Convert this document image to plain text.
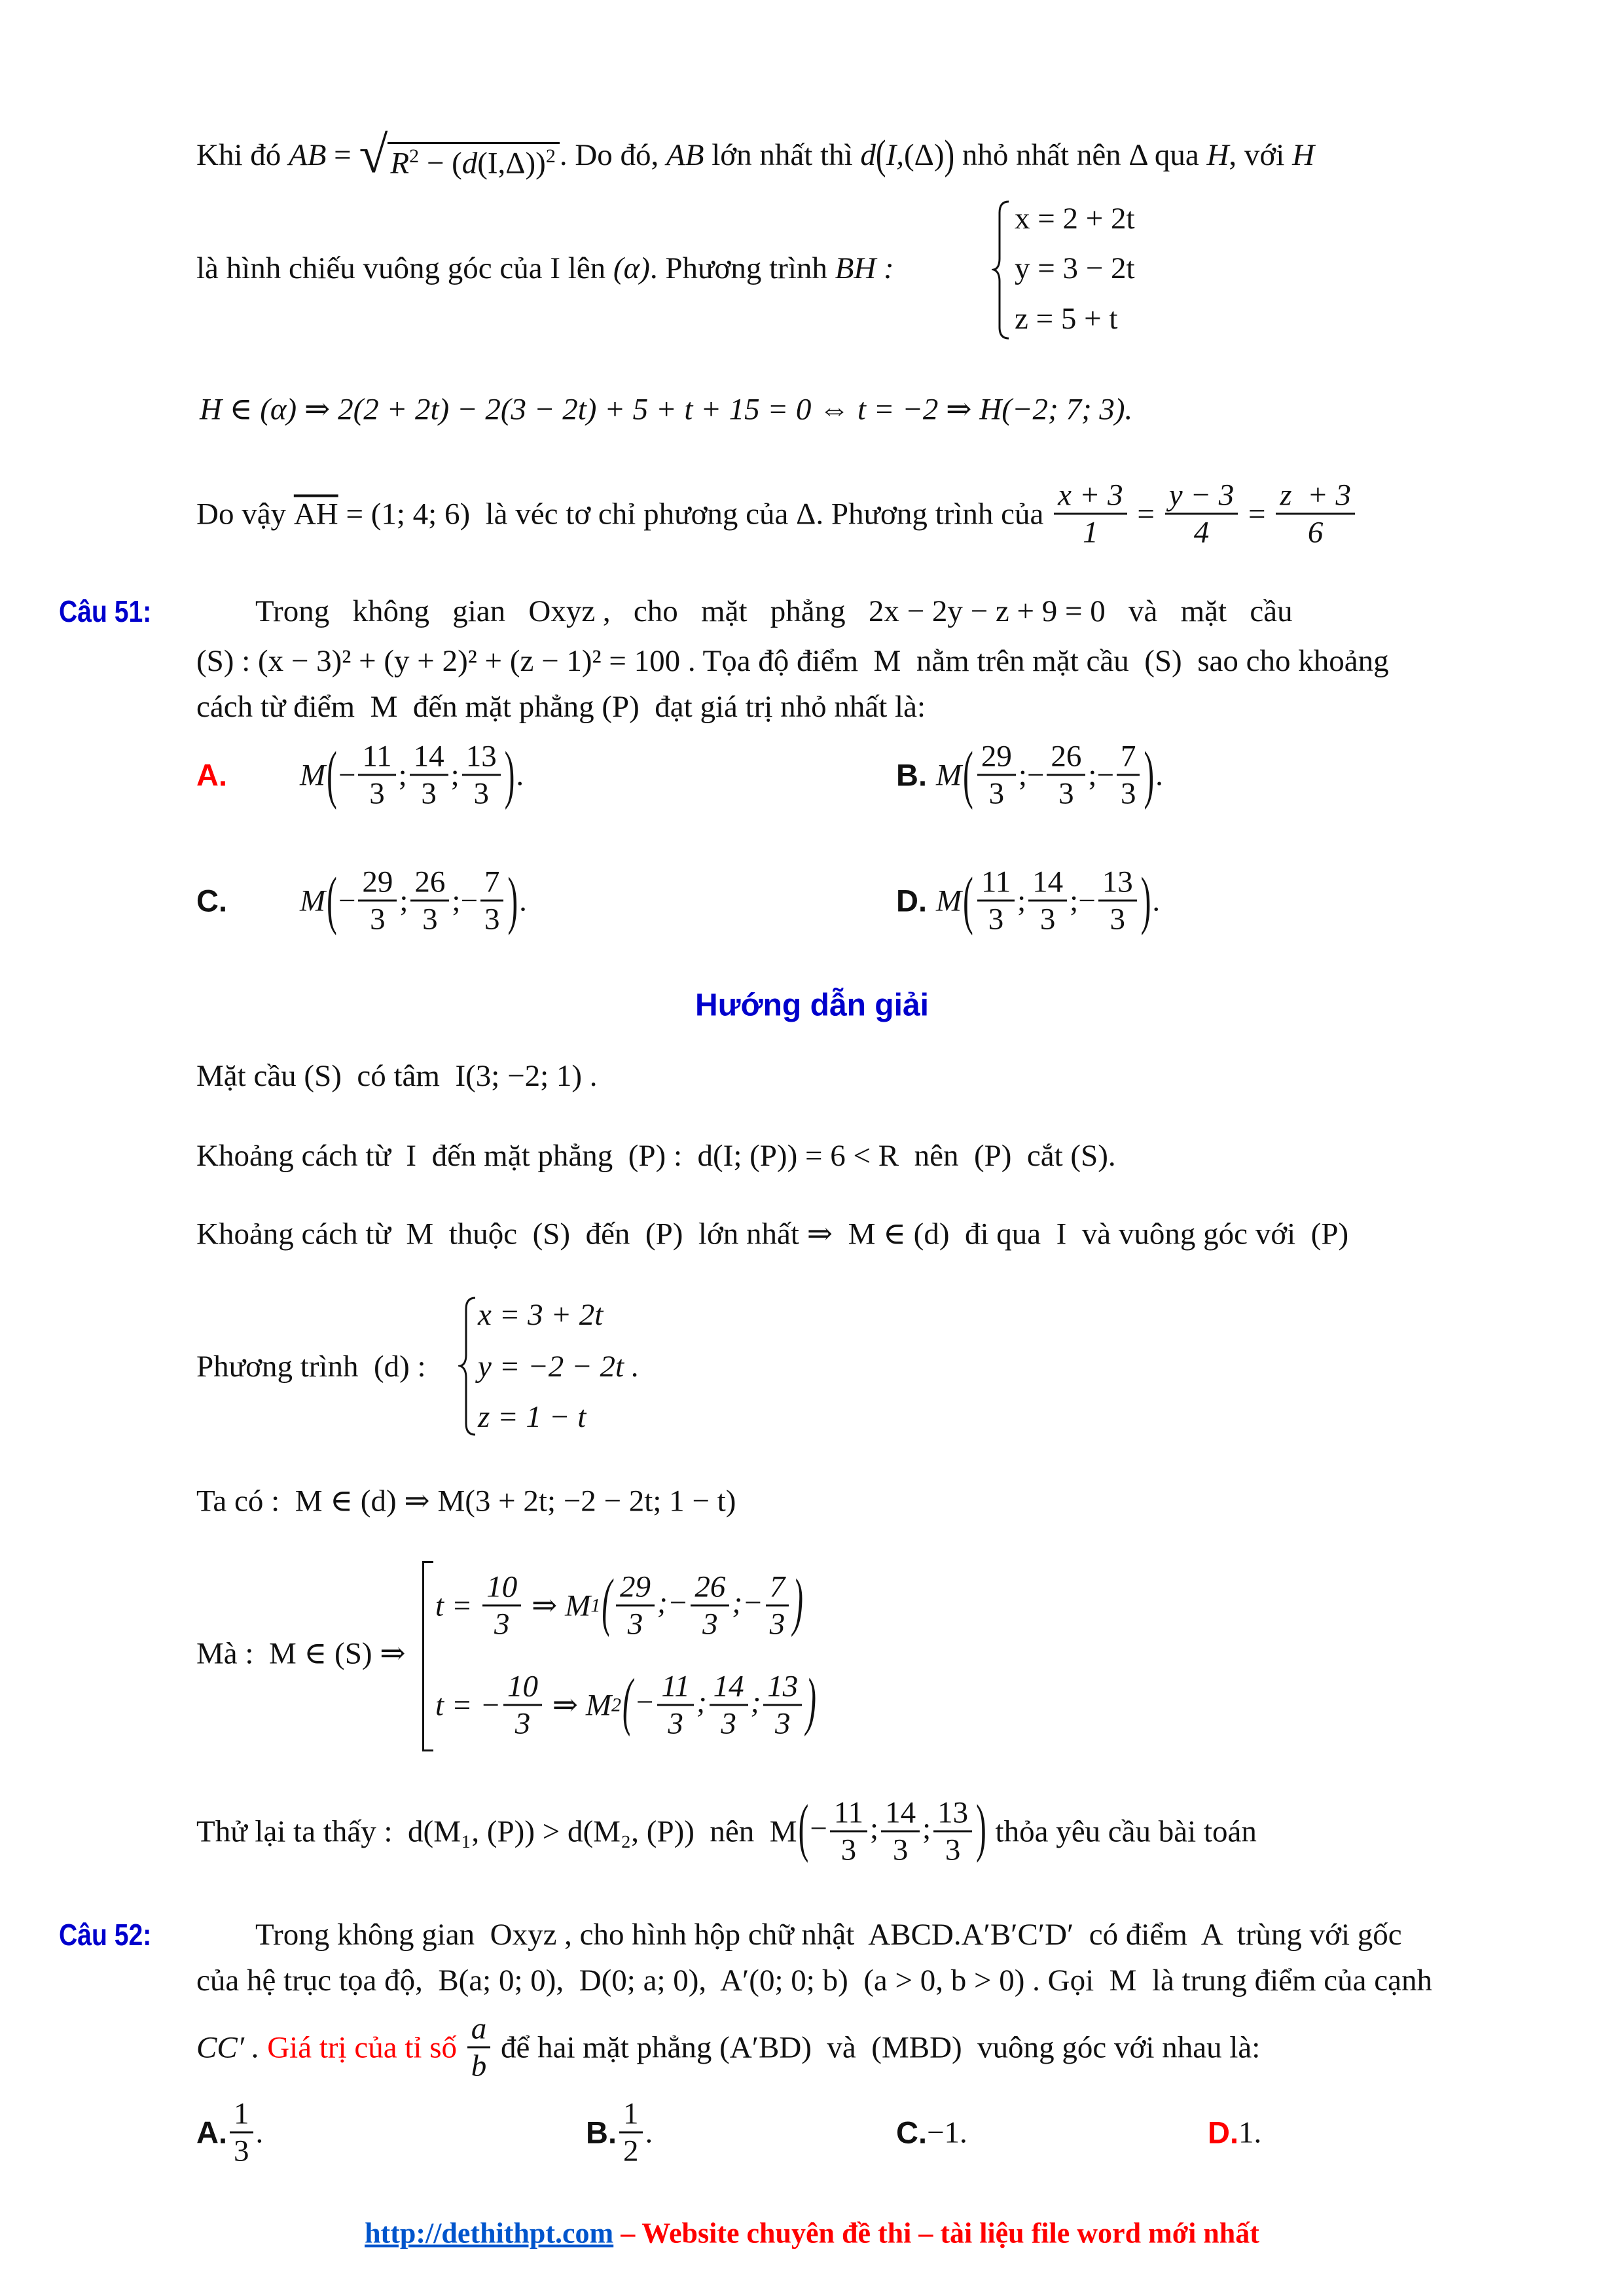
Khi đó AB = √ $R^2 - (d(I,\Delta))^2$ . Do đó, AB lớn nhất thì d ( I, (Δ) ) nhỏ nhất nên Δ qua H , với H
là hình chiếu vuông góc của I lên (α) . Phương trình BH :
x = 2 + 2t
y = 3 − 2t
z = 5 + t
H ∈ (α) ⇒ 2(2 + 2t) − 2(3 − 2t) + 5 + t + 15 = 0 ⇔ t = −2 ⇒ H(−2; 7; 3).
Do vậy $\overline{AH} = (1$; 4; 6)  là véc tơ chỉ phương của Δ. Phương trình của $\frac{x + 3}{1} = \frac{y - 3}{4} = \frac{z + 3}{6}$
Câu 51:	Trong   không   gian   Oxyz ,   cho   mặt   phẳng   2x − 2y − z + 9 = 0   và   mặt   cầu
(S) : (x − 3)² + (y + 2)² + (z − 1)² = 100 . Tọa độ điểm  M  nằm trên mặt cầu  (S)  sao cho khoảng
cách từ điểm  M  đến mặt phẳng (P)  đạt giá trị nhỏ nhất là:
A.	M ( − $\frac{11}{3}$ ; $\frac{14}{3}$ ; $\frac{13}{3}$ ) .	B. M ( $\frac{29}{3}$ ; − $\frac{26}{3}$ ; − $\frac{7}{3}$ ) .
C.	M ( − $\frac{29}{3}$ ; $\frac{26}{3}$ ; − $\frac{7}{3}$ ) .	D. M ( $\frac{11}{3}$ ; $\frac{14}{3}$ ; − $\frac{13}{3}$ ) .
Hướng dẫn giải
Mặt cầu (S)  có tâm  I(3; −2; 1) .
Khoảng cách từ  I  đến mặt phẳng  (P) :  d(I; (P)) = 6 < R  nên  (P)  cắt (S).
Khoảng cách từ  M  thuộc  (S)  đến  (P)  lớn nhất ⇒  M ∈ (d)  đi qua  I  và vuông góc với  (P)
Phương trình  (d) :
x = 3 + 2t
y = −2 − 2t .
z = 1 − t
Ta có :  M ∈ (d) ⇒ M(3 + 2t; −2 − 2t; 1 − t)
Mà :  M ∈ (S) ⇒
$t = \frac{10}{3}$ ⇒ M 1 ( $\frac{29}{3}$ ;− $\frac{26}{3}$ ;− $\frac{7}{3}$ )
t = − $\frac{10}{3}$ ⇒ M 2 (− $\frac{11}{3}$ ; $\frac{14}{3}$ ; $\frac{13}{3}$ )
Thử lại ta thấy :  d(M₁, (P)) > d(M₂, (P))  nên  M (− $\frac{11}{3}$ ; $\frac{14}{3}$ ; $\frac{13}{3}$ ) thỏa yêu cầu bài toán
Câu 52:	Trong không gian  Oxyz , cho hình hộp chữ nhật  ABCD.A′B′C′D′  có điểm  A  trùng với gốc
của hệ trục tọa độ,  B(a; 0; 0),  D(0; a; 0),  A′(0; 0; b)  (a > 0, b > 0) . Gọi  M  là trung điểm của cạnh
CC′ . Giá trị của tỉ số $\frac{a}{b}$ để hai mặt phẳng (A′BD)  và  (MBD)  vuông góc với nhau là:
A. $\frac{1}{3}$ .	B. $\frac{1}{2}$ .	C. −1.	D. 1.
http://dethithpt.com – Website chuyên đề thi – tài liệu file word mới nhất
